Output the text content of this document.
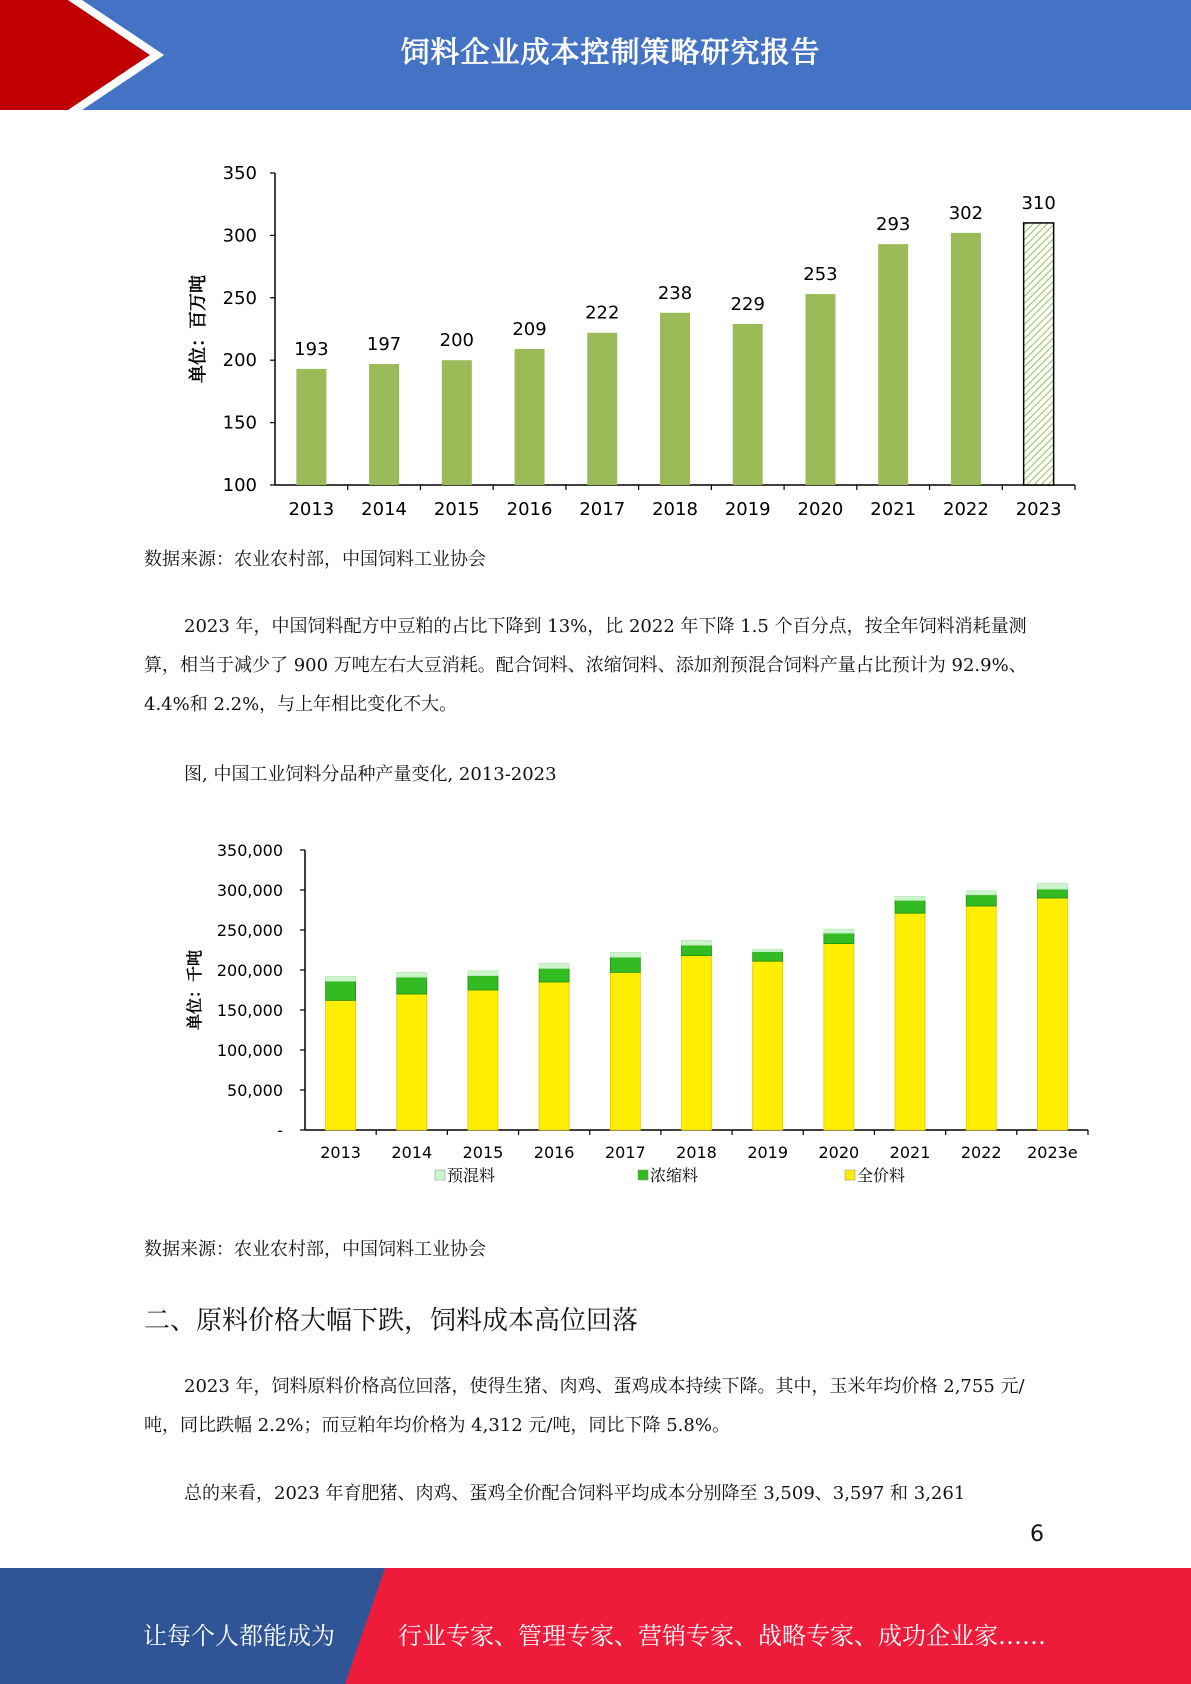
饲料企业成本控制策略研究报告
100
150
200
250
300
350
单位：百万吨	193
2013
197
2014
200
2015
209
2016
222
2017
238
2018
229
2019
253
2020
293
2021
302
2022
310
2023
数据来源：农业农村部，中国饲料工业协会

2023 年，中国饲料配方中豆粕的占比下降到 13%，比 2022 年下降 1.5 个百分点，按全年饲料消耗量测算，相当于减少了 900 万吨左右大豆消耗。配合饲料、浓缩饲料、添加剂预混合饲料产量占比预计为 92.9%、4.4%和 2.2%，与上年相比变化不大。

图, 中国工业饲料分品种产量变化, 2013-2023
-
50,000
100,000
150,000
200,000
250,000
300,000
350,000
单位：千吨
2013 2014 2015 2016 2017 2018 2019 2020 2021 2022 2023e
预混料	浓缩料	全价料
数据来源：农业农村部，中国饲料工业协会
二、原料价格大幅下跌，饲料成本高位回落

2023 年，饲料原料价格高位回落，使得生猪、肉鸡、蛋鸡成本持续下降。其中，玉米年均价格 2,755 元/吨，同比跌幅 2.2%；而豆粕年均价格为 4,312 元/吨，同比下降 5.8%。

总的来看，2023 年育肥猪、肉鸡、蛋鸡全价配合饲料平均成本分别降至 3,509、3,597 和 3,261

6
让每个人都能成为	行业专家、管理专家、营销专家、战略专家、成功企业家……
